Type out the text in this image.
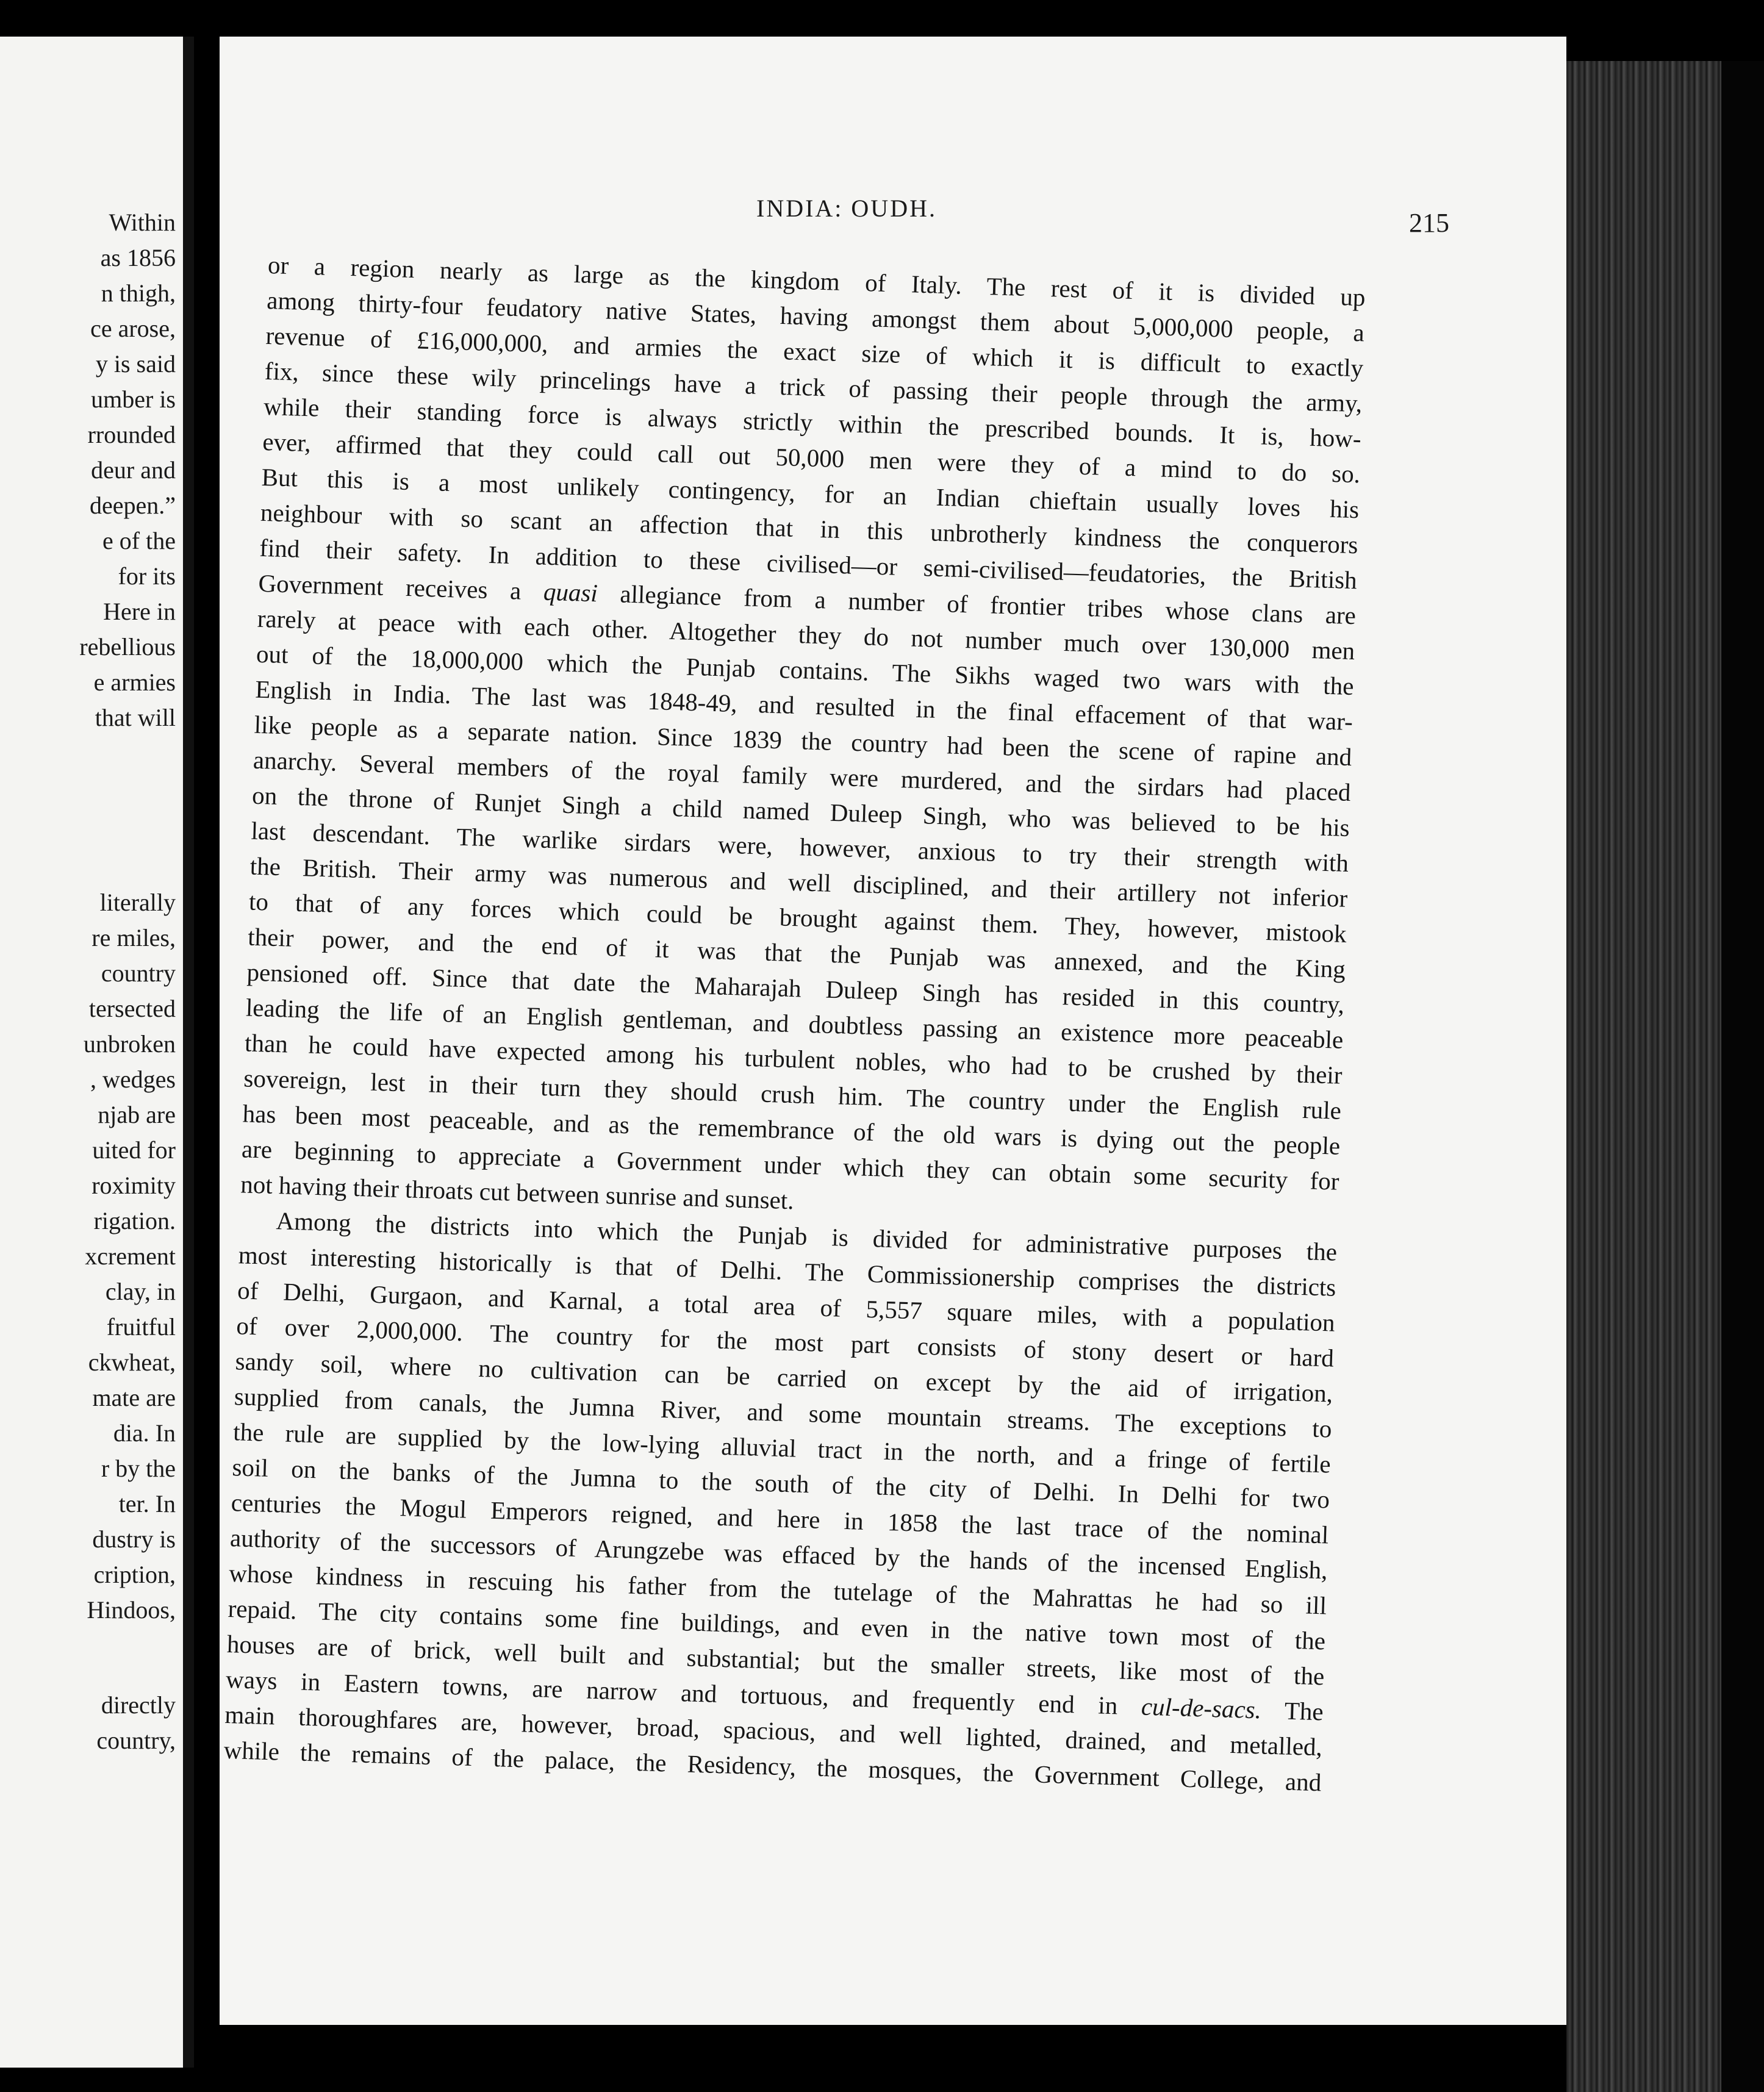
Within
as 1856
n thigh,
ce arose,
y is said
umber is
rrounded
deur and
deepen.”
e of the
for its
Here in
rebellious
e armies
that will
literally
re miles,
country
tersected
unbroken
, wedges
njab are
uited for
roximity
rigation.
xcrement
clay, in
fruitful
ckwheat,
mate are
dia. In
r by the
ter. In
dustry is
cription,
Hindoos,
directly
country,
INDIA: OUDH.	215
or a region nearly as large as the kingdom of Italy. The rest of it is divided up
among thirty-four feudatory native States, having amongst them about 5,000,000 people, a
revenue of £16,000,000, and armies the exact size of which it is difficult to exactly
fix, since these wily princelings have a trick of passing their people through the army,
while their standing force is always strictly within the prescribed bounds. It is, how-
ever, affirmed that they could call out 50,000 men were they of a mind to do so.
But this is a most unlikely contingency, for an Indian chieftain usually loves his
neighbour with so scant an affection that in this unbrotherly kindness the conquerors
find their safety. In addition to these civilised—or semi-civilised—feudatories, the British
Government receives a quasi allegiance from a number of frontier tribes whose clans are
rarely at peace with each other. Altogether they do not number much over 130,000 men
out of the 18,000,000 which the Punjab contains. The Sikhs waged two wars with the
English in India. The last was 1848-49, and resulted in the final effacement of that war-
like people as a separate nation. Since 1839 the country had been the scene of rapine and
anarchy. Several members of the royal family were murdered, and the sirdars had placed
on the throne of Runjet Singh a child named Duleep Singh, who was believed to be his
last descendant. The warlike sirdars were, however, anxious to try their strength with
the British. Their army was numerous and well disciplined, and their artillery not inferior
to that of any forces which could be brought against them. They, however, mistook
their power, and the end of it was that the Punjab was annexed, and the King
pensioned off. Since that date the Maharajah Duleep Singh has resided in this country,
leading the life of an English gentleman, and doubtless passing an existence more peaceable
than he could have expected among his turbulent nobles, who had to be crushed by their
sovereign, lest in their turn they should crush him. The country under the English rule
has been most peaceable, and as the remembrance of the old wars is dying out the people
are beginning to appreciate a Government under which they can obtain some security for
not having their throats cut between sunrise and sunset.
Among the districts into which the Punjab is divided for administrative purposes the
most interesting historically is that of Delhi. The Commissionership comprises the districts
of Delhi, Gurgaon, and Karnal, a total area of 5,557 square miles, with a population
of over 2,000,000. The country for the most part consists of stony desert or hard
sandy soil, where no cultivation can be carried on except by the aid of irrigation,
supplied from canals, the Jumna River, and some mountain streams. The exceptions to
the rule are supplied by the low-lying alluvial tract in the north, and a fringe of fertile
soil on the banks of the Jumna to the south of the city of Delhi. In Delhi for two
centuries the Mogul Emperors reigned, and here in 1858 the last trace of the nominal
authority of the successors of Arungzebe was effaced by the hands of the incensed English,
whose kindness in rescuing his father from the tutelage of the Mahrattas he had so ill
repaid. The city contains some fine buildings, and even in the native town most of the
houses are of brick, well built and substantial; but the smaller streets, like most of the
ways in Eastern towns, are narrow and tortuous, and frequently end in cul-de-sacs. The
main thoroughfares are, however, broad, spacious, and well lighted, drained, and metalled,
while the remains of the palace, the Residency, the mosques, the Government College, and
